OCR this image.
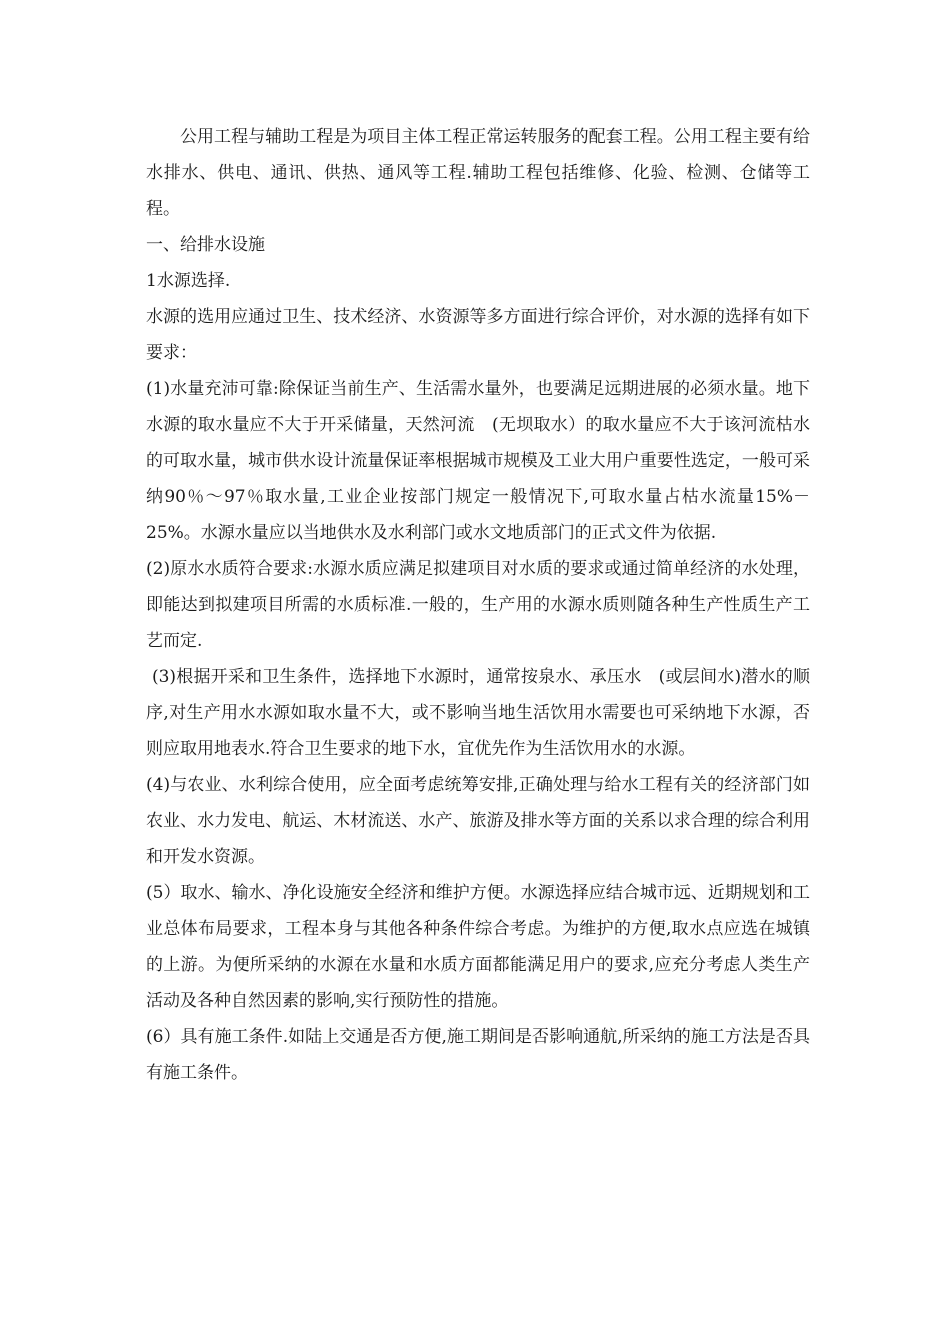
公用工程与辅助工程是为项目主体工程正常运转服务的配套工程。公用工程主要有给水排水、供电、通讯、供热、通风等工程.辅助工程包括维修、化验、检测、仓储等工程。

一、给排水设施

1水源选择.

水源的选用应通过卫生、技术经济、水资源等多方面进行综合评价，对水源的选择有如下要求：

(1)水量充沛可靠:除保证当前生产、生活需水量外，也要满足远期进展的必须水量。地下水源的取水量应不大于开采储量，天然河流　(无坝取水）的取水量应不大于该河流枯水的可取水量，城市供水设计流量保证率根据城市规模及工业大用户重要性选定，一般可采纳90％～97％取水量,工业企业按部门规定一般情况下,可取水量占枯水流量15%－25%。水源水量应以当地供水及水利部门或水文地质部门的正式文件为依据.

(2)原水水质符合要求:水源水质应满足拟建项目对水质的要求或通过简单经济的水处理，即能达到拟建项目所需的水质标准.一般的，生产用的水源水质则随各种生产性质生产工艺而定.

(3)根据开采和卫生条件，选择地下水源时，通常按泉水、承压水　(或层间水)潜水的顺序,对生产用水水源如取水量不大，或不影响当地生活饮用水需要也可采纳地下水源，否则应取用地表水.符合卫生要求的地下水，宜优先作为生活饮用水的水源。

(4)与农业、水利综合使用，应全面考虑统筹安排,正确处理与给水工程有关的经济部门如农业、水力发电、航运、木材流送、水产、旅游及排水等方面的关系以求合理的综合利用和开发水资源。

(5）取水、输水、净化设施安全经济和维护方便。水源选择应结合城市远、近期规划和工业总体布局要求，工程本身与其他各种条件综合考虑。为维护的方便,取水点应选在城镇的上游。为便所采纳的水源在水量和水质方面都能满足用户的要求,应充分考虑人类生产活动及各种自然因素的影响,实行预防性的措施。

(6）具有施工条件.如陆上交通是否方便,施工期间是否影响通航,所采纳的施工方法是否具有施工条件。
